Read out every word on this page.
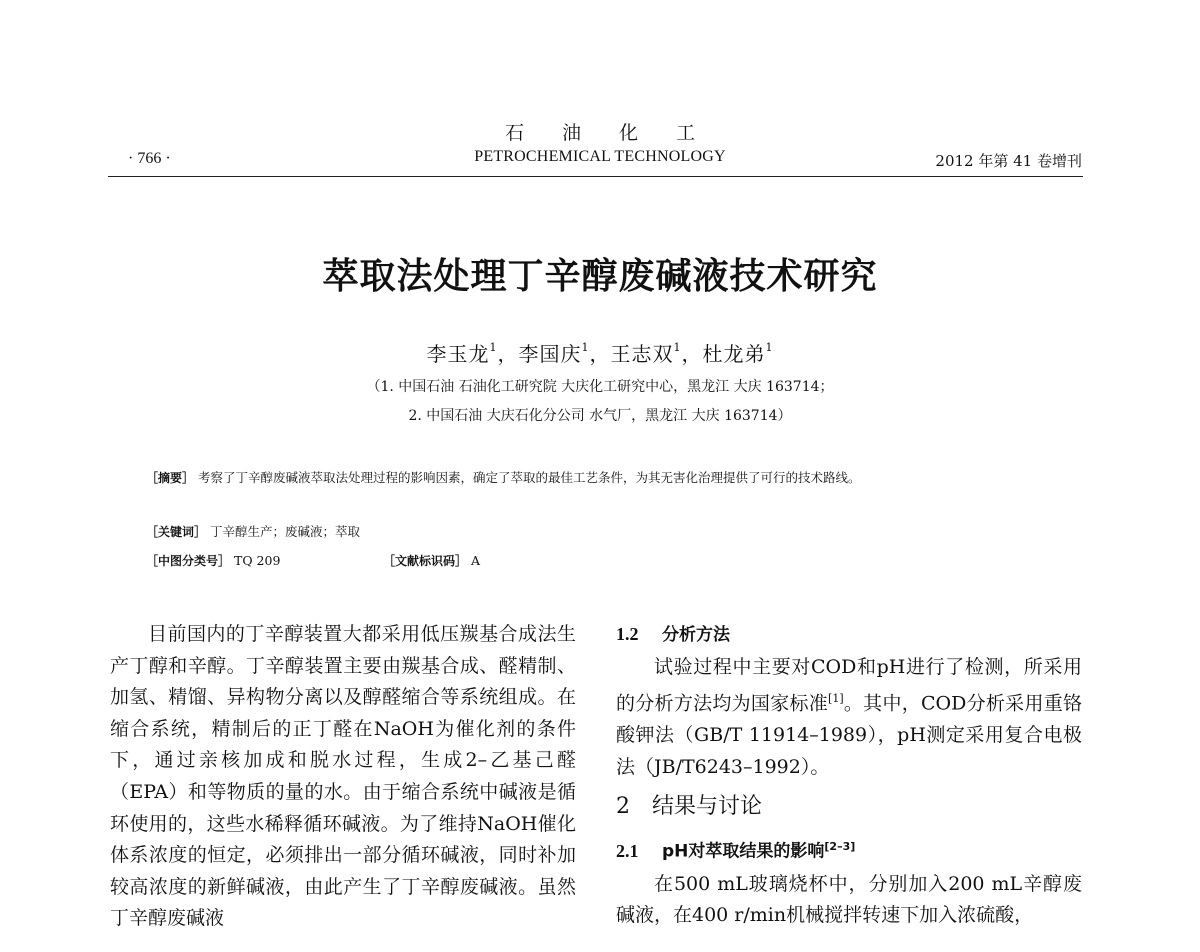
石油化工
· 766 ·	PETROCHEMICAL TECHNOLOGY	2012 年第 41 卷增刊
萃取法处理丁辛醇废碱液技术研究
李玉龙$^1$，李国庆$^1$，王志双$^1$，杜龙弟$^1$
（1. 中国石油 石油化工研究院 大庆化工研究中心，黑龙江 大庆 163714；
2. 中国石油 大庆石化分公司 水气厂，黑龙江 大庆 163714）
［摘要］ 考察了丁辛醇废碱液萃取法处理过程的影响因素，确定了萃取的最佳工艺条件，为其无害化治理提供了可行的技术路线。
［关键词］ 丁辛醇生产；废碱液；萃取
［中图分类号］ TQ 209	［文献标识码］ A

目前国内的丁辛醇装置大都采用低压羰基合成法生产丁醇和辛醇。丁辛醇装置主要由羰基合成、醛精制、加氢、精馏、异构物分离以及醇醛缩合等系统组成。在缩合系统，精制后的正丁醛在NaOH为催化剂的条件下，通过亲核加成和脱水过程，生成2–乙基己醛（EPA）和等物质的量的水。由于缩合系统中碱液是循环使用的，这些水稀释循环碱液。为了维持NaOH催化体系浓度的恒定，必须排出一部分循环碱液，同时补加较高浓度的新鲜碱液，由此产生了丁辛醇废碱液。虽然丁辛醇废碱液

1.2 分析方法

试验过程中主要对COD和pH进行了检测，所采用的分析方法均为国家标准[1]。其中，COD分析采用重铬酸钾法（GB/T 11914–1989），pH测定采用复合电极法（JB/T6243–1992）。

2 结果与讨论
2.1 pH对萃取结果的影响[2–3]

在500 mL玻璃烧杯中，分别加入200 mL辛醇废碱液，在400 r/min机械搅拌转速下加入浓硫酸，
